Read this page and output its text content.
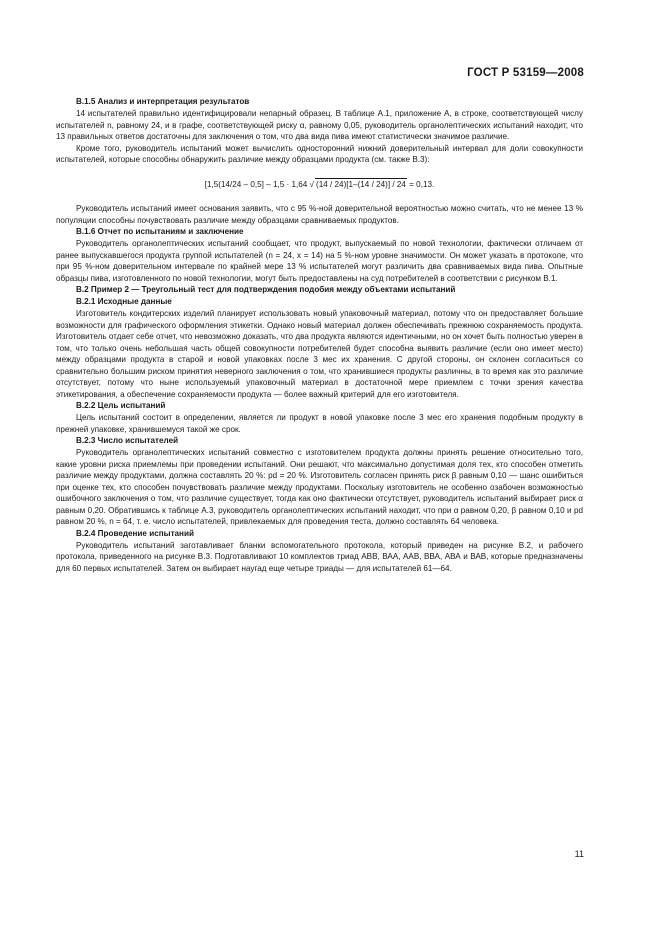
ГОСТ Р 53159—2008
В.1.5 Анализ и интерпретация результатов

14 испытателей правильно идентифицировали непарный образец. В таблице А.1, приложение А, в строке, соответствующей числу испытателей n, равному 24, и в графе, соответствующей риску α, равному 0,05, руководитель органолептических испытаний находит, что 13 правильных ответов достаточны для заключения о том, что два вида пива имеют статистически значимое различие.

Кроме того, руководитель испытаний может вычислить односторонний нижний доверительный интервал для доли совокупности испытателей, которые способны обнаружить различие между образцами продукта (см. также В.3):

[1,5(14/24 – 0,5] – 1,5 · 1,64 √ (14 / 24)[1–(14 / 24)] / 24 = 0,13.

Руководитель испытаний имеет основания заявить, что с 95 %-ной доверительной вероятностью можно считать, что не менее 13 % популяции способны почувствовать различие между образцами сравниваемых продуктов.

В.1.6 Отчет по испытаниям и заключение

Руководитель органолептических испытаний сообщает, что продукт, выпускаемый по новой технологии, фактически отличаем от ранее выпускавшегося продукта группой испытателей (n = 24, x = 14) на 5 %-ном уровне значимости. Он может указать в протоколе, что при 95 %-ном доверительном интервале по крайней мере 13 % испытателей могут различить два сравниваемых вида пива. Опытные образцы пива, изготовленного по новой технологии, могут быть предоставлены на суд потребителей в соответствии с рисунком В.1.

В.2 Пример 2 — Треугольный тест для подтверждения подобия между объектами испытаний
В.2.1 Исходные данные

Изготовитель кондитерских изделий планирует использовать новый упаковочный материал, потому что он предоставляет большие возможности для графического оформления этикетки. Однако новый материал должен обеспечивать прежнюю сохраняемость продукта. Изготовитель отдает себе отчет, что невозможно доказать, что два продукта являются идентичными, но он хочет быть полностью уверен в том, что только очень небольшая часть общей совокупности потребителей будет способна выявить различие (если оно имеет место) между образцами продукта в старой и новой упаковках после 3 мес их хранения. С другой стороны, он склонен согласиться со сравнительно большим риском принятия неверного заключения о том, что хранившиеся продукты различны, в то время как это различие отсутствует, потому что ныне используемый упаковочный материал в достаточной мере приемлем с точки зрения качества этикетирования, а обеспечение сохраняемости продукта — более важный критерий для его изготовителя.

В.2.2 Цель испытаний

Цель испытаний состоит в определении, является ли продукт в новой упаковке после 3 мес его хранения подобным продукту в прежней упаковке, хранившемуся такой же срок.

В.2.3 Число испытателей

Руководитель органолептических испытаний совместно с изготовителем продукта должны принять решение относительно того, какие уровни риска приемлемы при проведении испытаний. Они решают, что максимально допустимая доля тех, кто способен отметить различие между продуктами, должна составлять 20 %: pd = 20 %. Изготовитель согласен принять риск β равным 0,10 — шанс ошибиться при оценке тех, кто способен почувствовать различие между продуктами. Поскольку изготовитель не особенно озабочен возможностью ошибочного заключения о том, что различие существует, тогда как оно фактически отсутствует, руководитель испытаний выбирает риск α равным 0,20. Обратившись к таблице А.3, руководитель органолептических испытаний находит, что при α равном 0,20, β равном 0,10 и pd равном 20 %, n = 64, т. е. число испытателей, привлекаемых для проведения теста, должно составлять 64 человека.

В.2.4 Проведение испытаний

Руководитель испытаний заготавливает бланки вспомогательного протокола, который приведен на рисунке В.2, и рабочего протокола, приведенного на рисунке В.3. Подготавливают 10 комплектов триад АВВ, ВАА, ААВ, ВВА, АВА и ВАВ, которые предназначены для 60 первых испытателей. Затем он выбирает наугад еще четыре триады — для испытателей 61—64.

11
